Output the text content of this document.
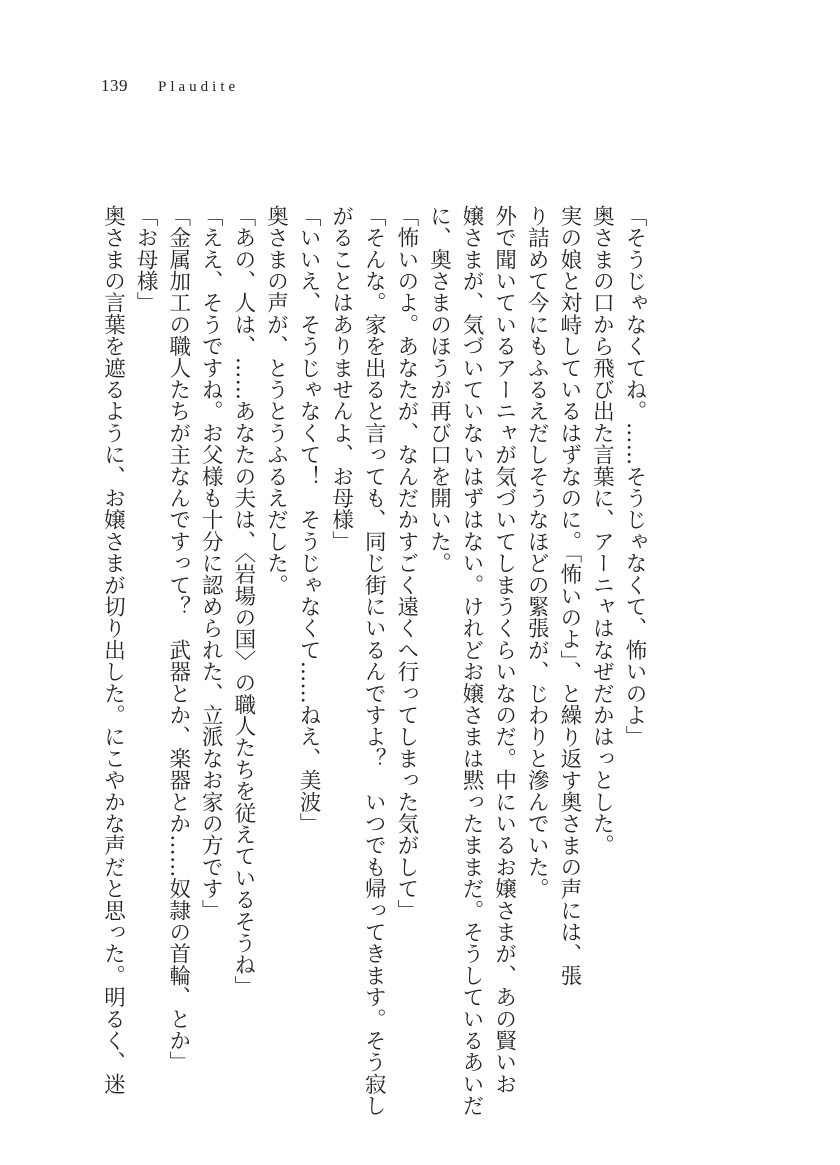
139 Plaudite
「そうじゃなくてね。……そうじゃなくて、怖いのよ」
奥さまの口から飛び出た言葉に、アーニャはなぜだかはっとした。
実の娘と対峙しているはずなのに。「怖いのよ」、と繰り返す奥さまの声には、張
り詰めて今にもふるえだしそうなほどの緊張が、じわりと滲んでいた。
外で聞いているアーニャが気づいてしまうくらいなのだ。中にいるお嬢さまが、あの賢いお
嬢さまが、気づいていないはずはない。けれどお嬢さまは黙ったままだ。そうしているあいだ
に、奥さまのほうが再び口を開いた。
「怖いのよ。あなたが、なんだかすごく遠くへ行ってしまった気がして」
「そんな。家を出ると言っても、同じ街にいるんですよ？　いつでも帰ってきます。そう寂し
がることはありませんよ、お母様」
「いいえ、そうじゃなくて！　そうじゃなくて……ねえ、美波」
奥さまの声が、とうとうふるえだした。
「あの、人は、……あなたの夫は、〈岩場の国〉の職人たちを従えているそうね」
「ええ、そうですね。お父様も十分に認められた、立派なお家の方です」
「金属加工の職人たちが主なんですって？　武器とか、楽器とか……奴隷の首輪、とか」
「お母様」
奥さまの言葉を遮るように、お嬢さまが切り出した。にこやかな声だと思った。明るく、迷
